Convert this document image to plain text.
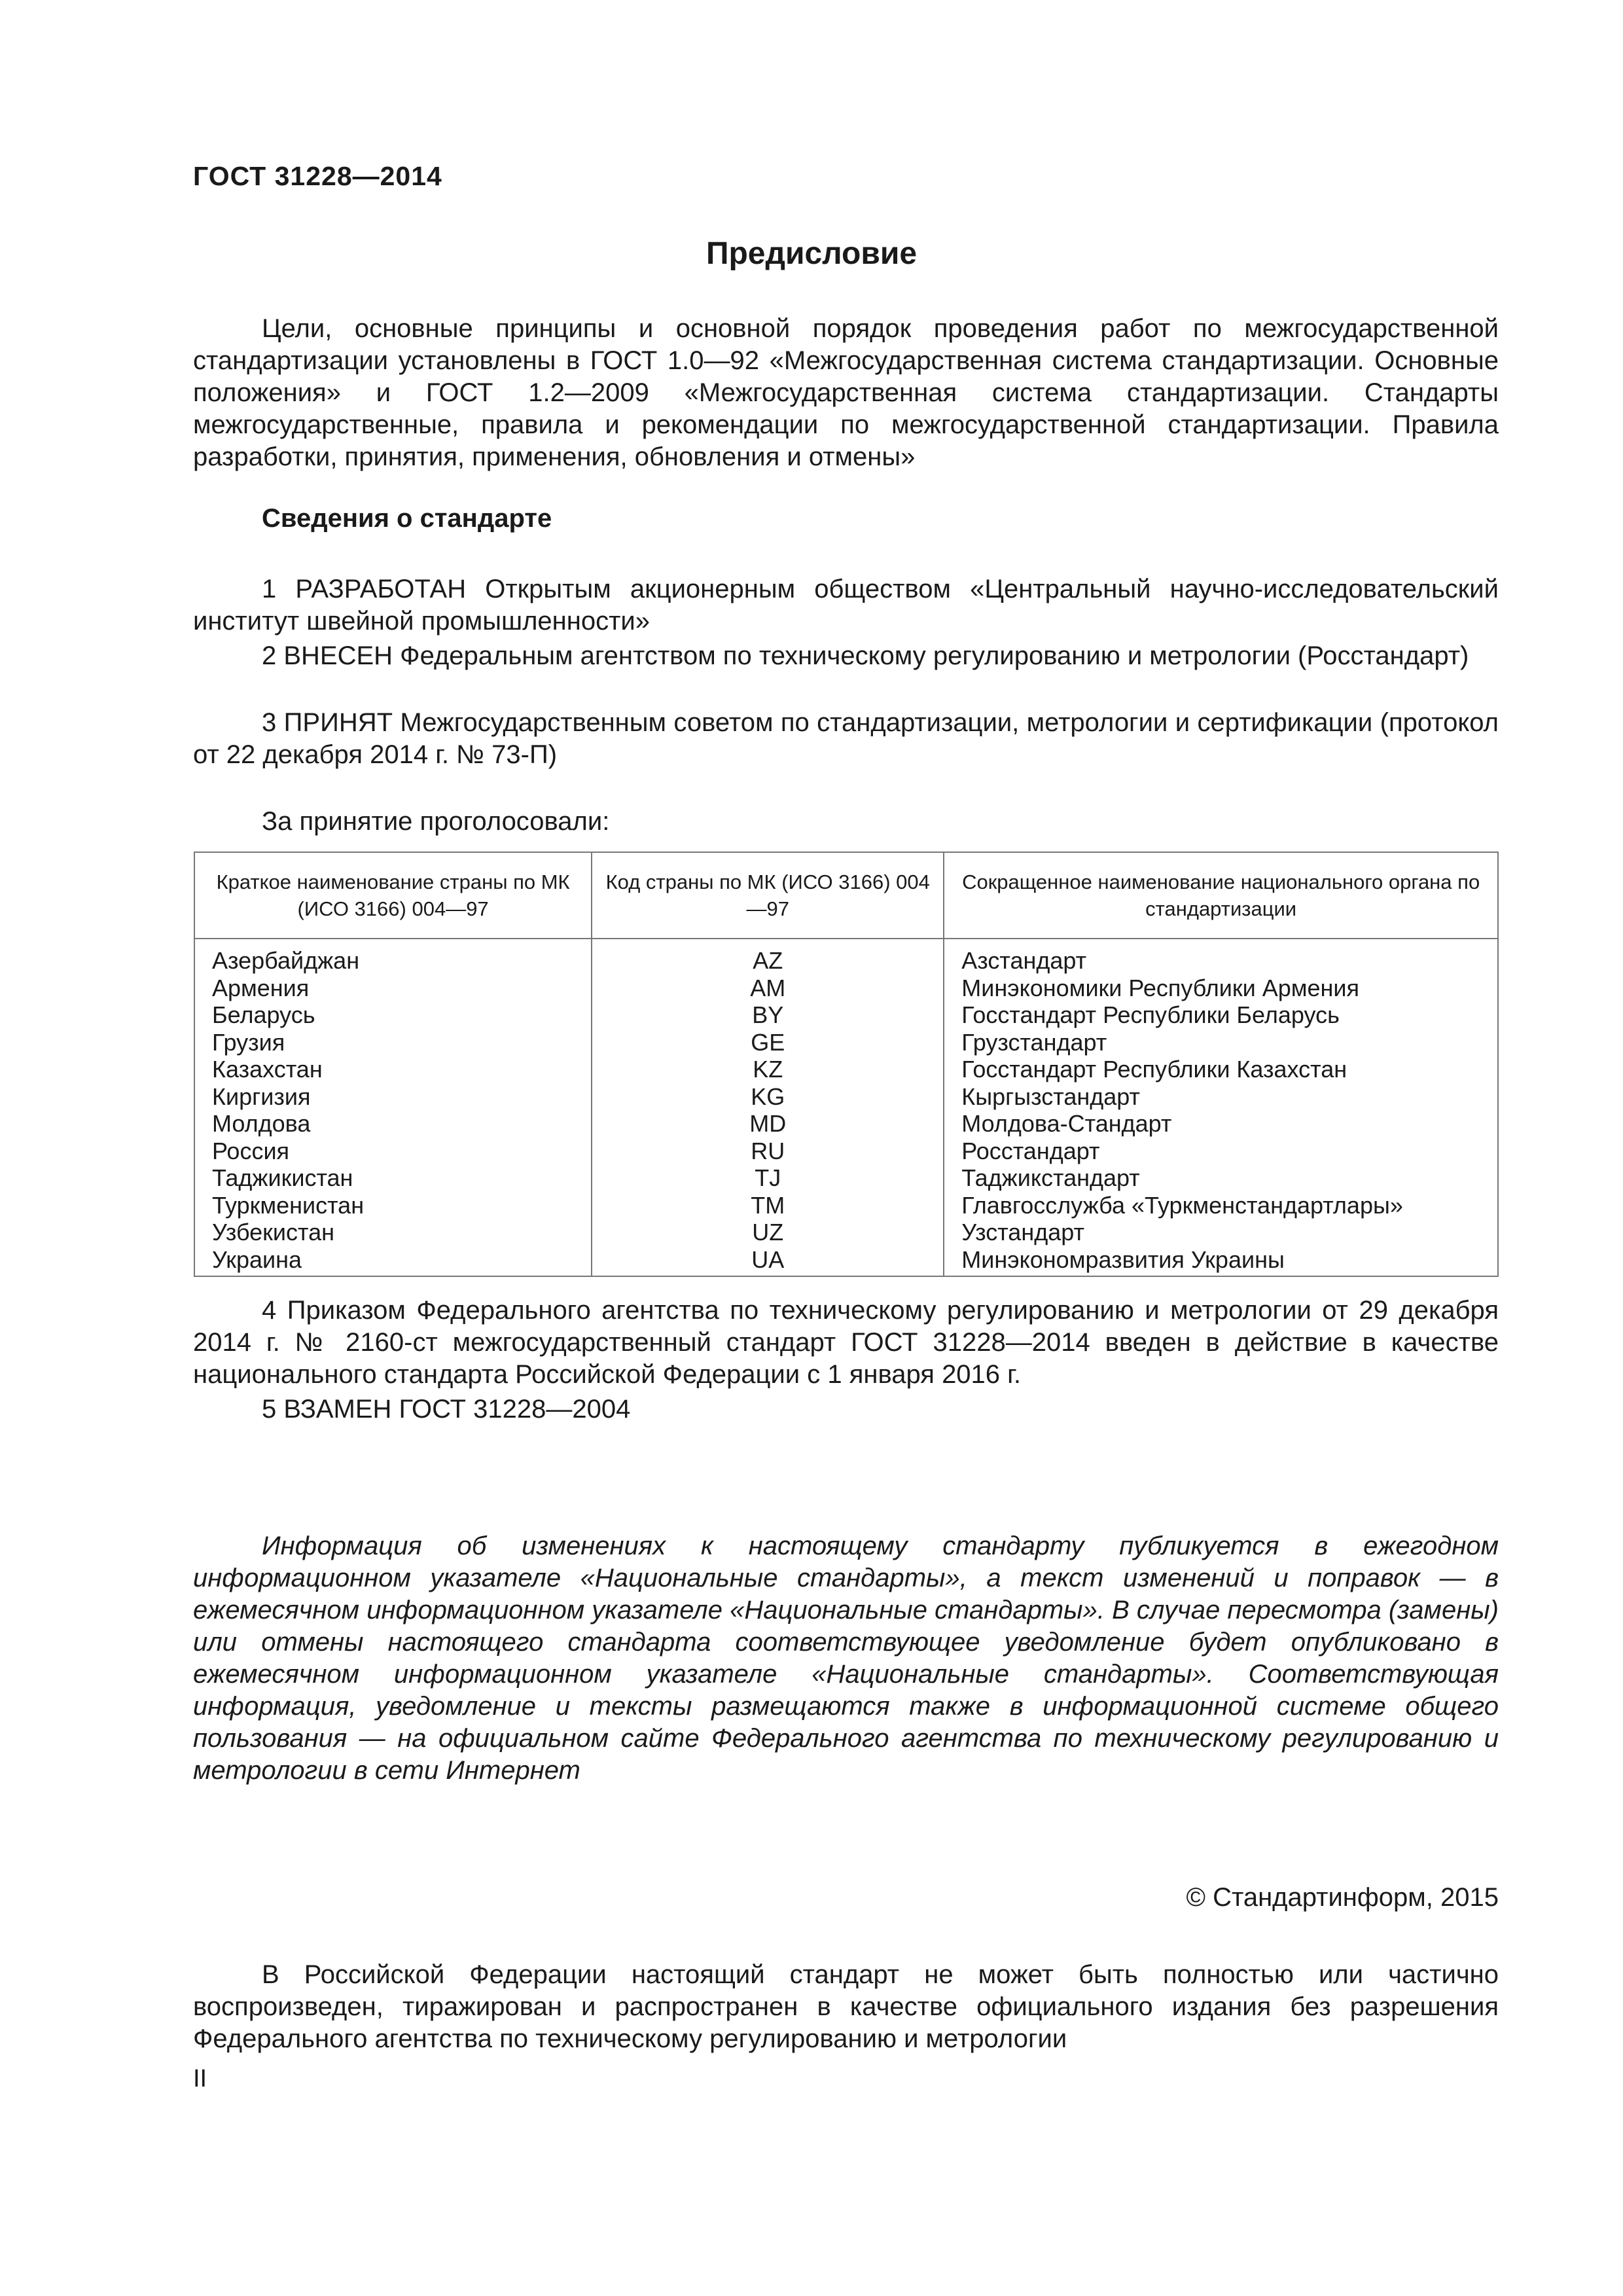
ГОСТ 31228—2014
Предисловие

Цели, основные принципы и основной порядок проведения работ по межгосударственной стандартизации установлены в ГОСТ 1.0—92 «Межгосударственная система стандартизации. Основные положения» и ГОСТ 1.2—2009 «Межгосударственная система стандартизации. Стандарты межгосударственные, правила и рекомендации по межгосударственной стандартизации. Правила разработки, принятия, применения, обновления и отмены»

Сведения о стандарте

1 РАЗРАБОТАН Открытым акционерным обществом «Центральный научно-исследовательский институт швейной промышленности»

2 ВНЕСЕН Федеральным агентством по техническому регулированию и метрологии (Росстандарт)

3 ПРИНЯТ Межгосударственным советом по стандартизации, метрологии и сертификации (протокол от 22 декабря 2014 г. № 73-П)

За принятие проголосовали:
Краткое наименование страны по МК (ИСО 3166) 004—97	Код страны по МК (ИСО 3166) 004—97	Сокращенное наименование национального органа по стандартизации
Азербайджан	AZ	Азстандарт
Армения	AM	Минэкономики Республики Армения
Беларусь	BY	Госстандарт Республики Беларусь
Грузия	GE	Грузстандарт
Казахстан	KZ	Госстандарт Республики Казахстан
Киргизия	KG	Кыргызстандарт
Молдова	MD	Молдова-Стандарт
Россия	RU	Росстандарт
Таджикистан	TJ	Таджикстандарт
Туркменистан	TM	Главгосслужба «Туркменстандартлары»
Узбекистан	UZ	Узстандарт
Украина	UA	Минэкономразвития Украины

4 Приказом Федерального агентства по техническому регулированию и метрологии от 29 декабря 2014 г. № 2160-ст межгосударственный стандарт ГОСТ 31228—2014 введен в действие в качестве национального стандарта Российской Федерации с 1 января 2016 г.

5 ВЗАМЕН ГОСТ 31228—2004

Информация об изменениях к настоящему стандарту публикуется в ежегодном информационном указателе «Национальные стандарты», а текст изменений и поправок — в ежемесячном информационном указателе «Национальные стандарты». В случае пересмотра (замены) или отмены настоящего стандарта соответствующее уведомление будет опубликовано в ежемесячном информационном указателе «Национальные стандарты». Соответствующая информация, уведомление и тексты размещаются также в информационной системе общего пользования — на официальном сайте Федерального агентства по техническому регулированию и метрологии в сети Интернет

© Стандартинформ, 2015

В Российской Федерации настоящий стандарт не может быть полностью или частично воспроизведен, тиражирован и распространен в качестве официального издания без разрешения Федерального агентства по техническому регулированию и метрологии

II
